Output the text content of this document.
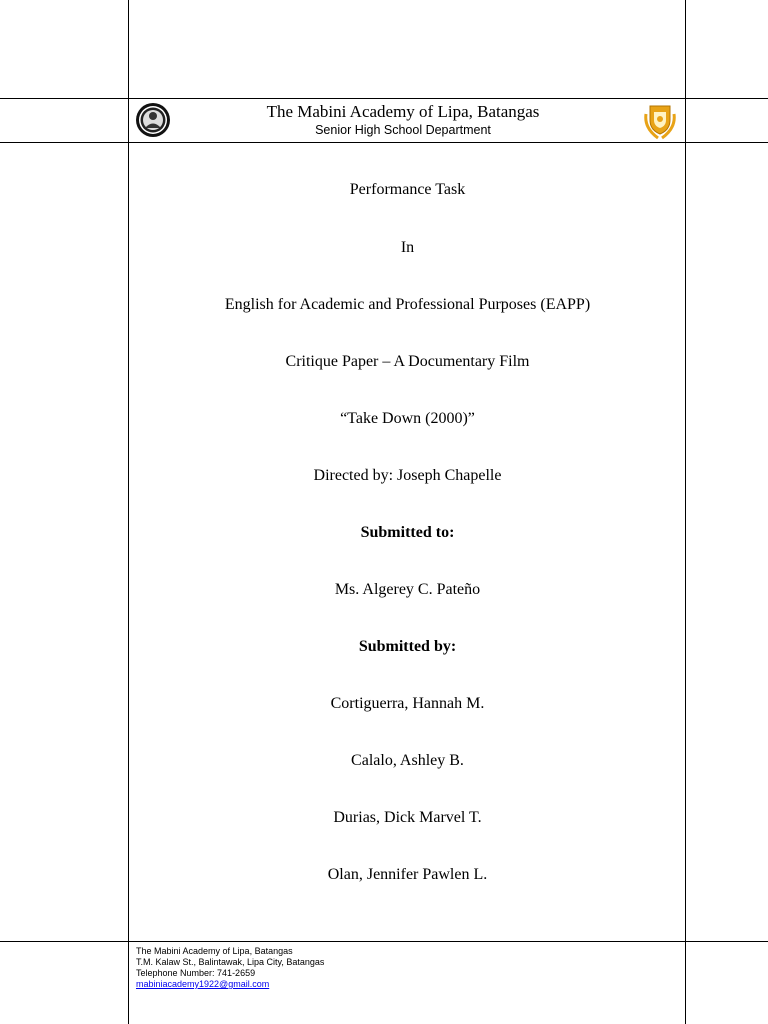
The Mabini Academy of Lipa, Batangas
Senior High School Department
Performance Task
In
English for Academic and Professional Purposes (EAPP)
Critique Paper – A Documentary Film
“Take Down (2000)”
Directed by: Joseph Chapelle
Submitted to:
Ms. Algerey C. Pateño
Submitted by:
Cortiguerra, Hannah M.
Calalo, Ashley B.
Durias, Dick Marvel T.
Olan, Jennifer Pawlen L.
The Mabini Academy of Lipa, Batangas
T.M. Kalaw St., Balintawak, Lipa City, Batangas
Telephone Number: 741-2659
mabiniacademy1922@gmail.com
